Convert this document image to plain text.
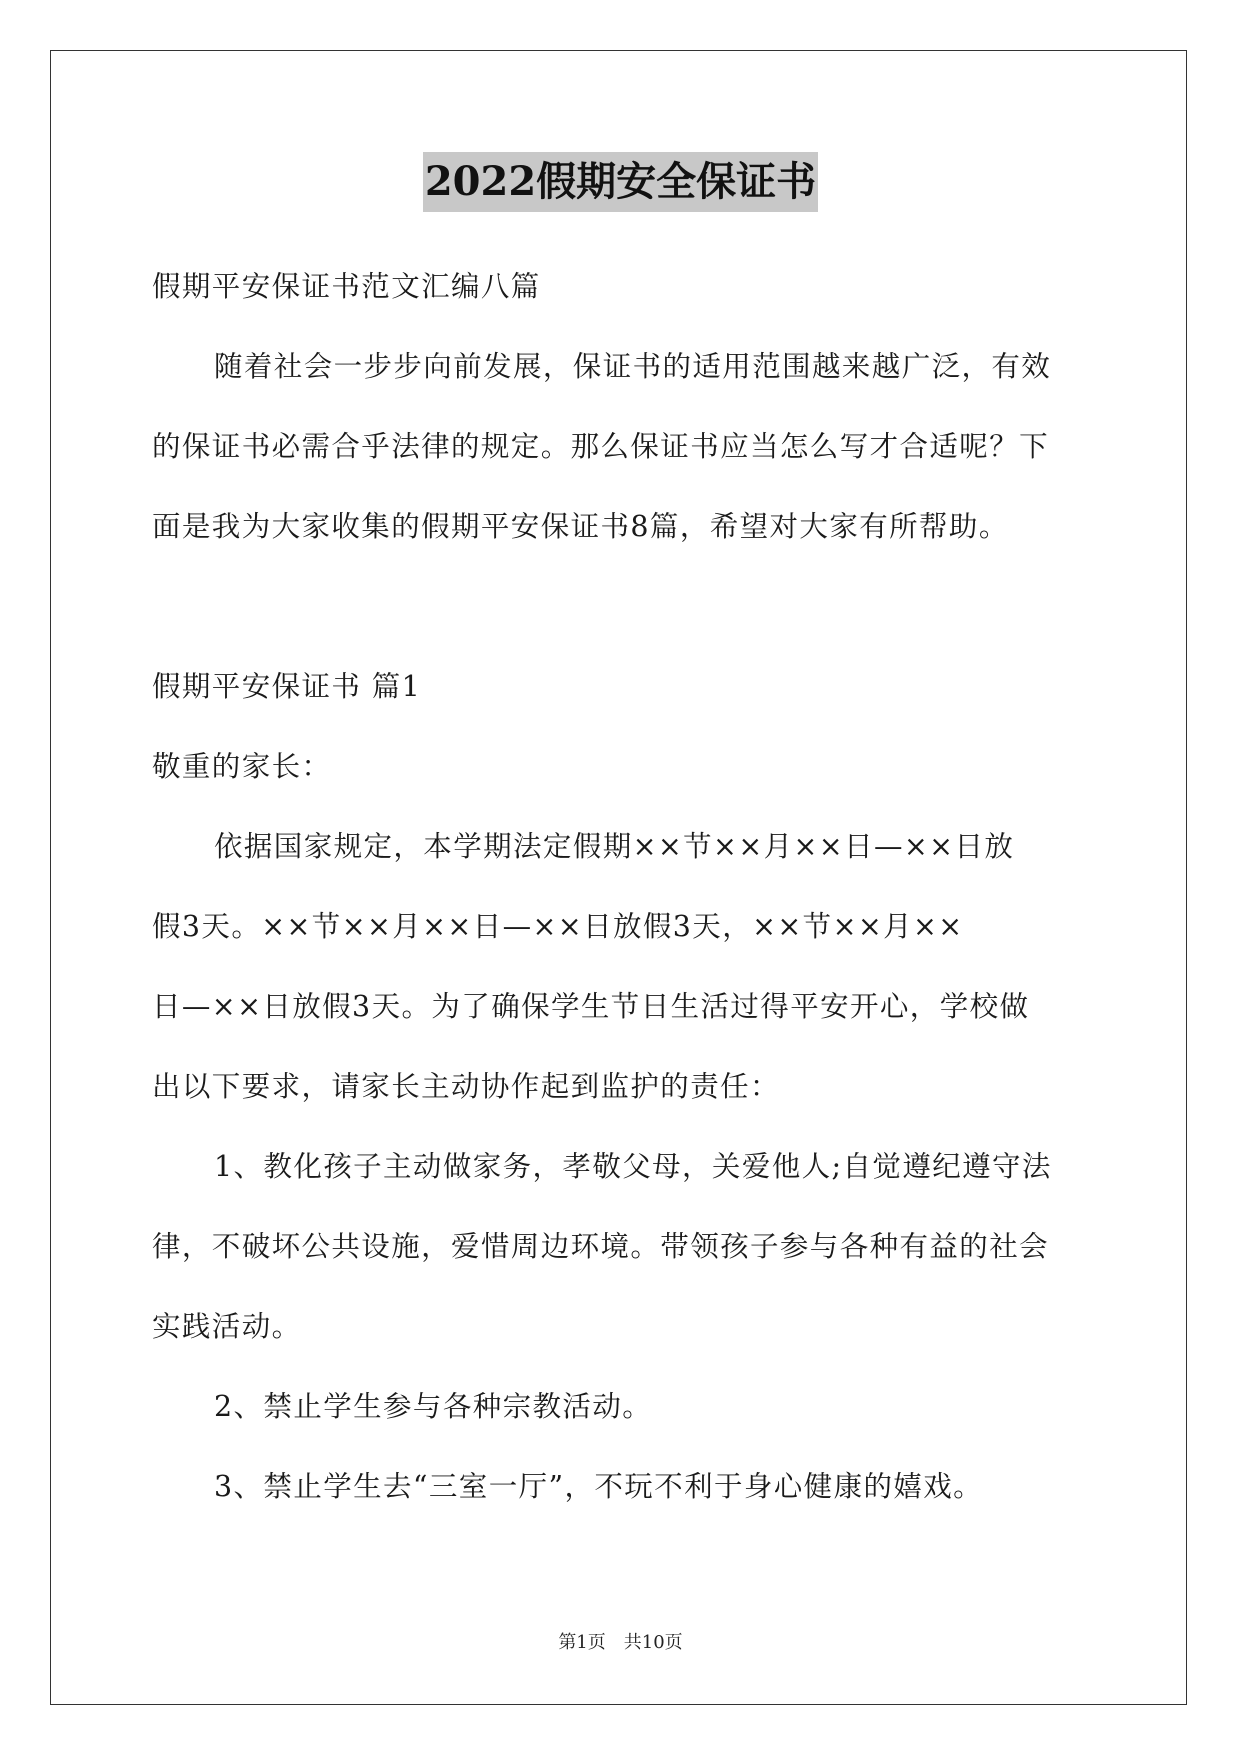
2022假期安全保证书
假期平安保证书范文汇编八篇
随着社会一步步向前发展，保证书的适用范围越来越广泛，有效
的保证书必需合乎法律的规定。那么保证书应当怎么写才合适呢？下
面是我为大家收集的假期平安保证书8篇，希望对大家有所帮助。
假期平安保证书 篇1
敬重的家长：
依据国家规定，本学期法定假期××节××月××日—××日放
假3天。××节××月××日—××日放假3天，××节××月××
日—××日放假3天。为了确保学生节日生活过得平安开心，学校做
出以下要求，请家长主动协作起到监护的责任：
1、教化孩子主动做家务，孝敬父母，关爱他人;自觉遵纪遵守法
律，不破坏公共设施，爱惜周边环境。带领孩子参与各种有益的社会
实践活动。
2、禁止学生参与各种宗教活动。
3、禁止学生去“三室一厅”，不玩不利于身心健康的嬉戏。
第1页　共10页
